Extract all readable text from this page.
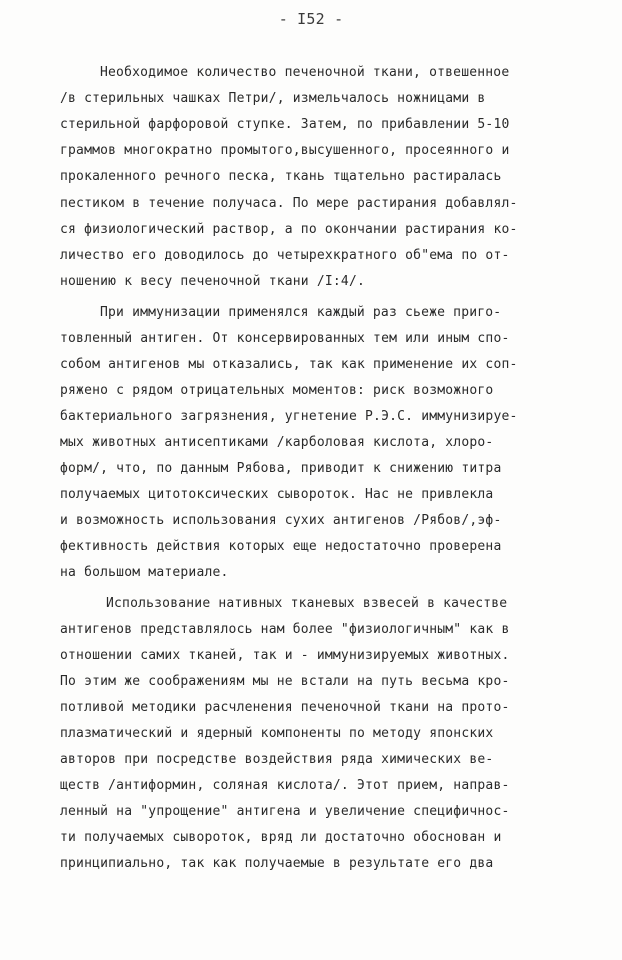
- I52 -
Необходимое количество печеночной ткани, отвешенное
/в стерильных чашках Петри/, измельчалось ножницами в
стерильной фарфоровой ступке. Затем, по прибавлении 5-10
граммов многократно промытого,высушенного, просеянного и
прокаленного речного песка, ткань тщательно растиралась
пестиком в течение получаса. По мере растирания добавлял-
ся физиологический раствор, а по окончании растирания ко-
личество его доводилось до четырехкратного об"ема по от-
ношению к весу печеночной ткани /I:4/.
При иммунизации применялся каждый раз сьеже приго-
товленный антиген. От консервированных тем или иным спо-
собом антигенов мы отказались, так как применение их соп-
ряжено с рядом отрицательных моментов: риск возможного
бактериального загрязнения, угнетение Р.Э.С. иммунизируе-
мых животных антисептиками /карболовая кислота, хлоро-
форм/, что, по данным Рябова, приводит к снижению титра
получаемых цитотоксических сывороток. Нас не привлекла
и возможность использования сухих антигенов /Рябов/,эф-
фективность действия которых еще недостаточно проверена
на большом материале.
Использование нативных тканевых взвесей в качестве
антигенов представлялось нам более "физиологичным" как в
отношении самих тканей, так и - иммунизируемых животных.
По этим же соображениям мы не встали на путь весьма кро-
потливой методики расчленения печеночной ткани на прото-
плазматический и ядерный компоненты по методу японских
авторов при посредстве воздействия ряда химических ве-
ществ /антиформин, соляная кислота/. Этот прием, направ-
ленный на "упрощение" антигена и увеличение специфичнос-
ти получаемых сывороток, вряд ли достаточно обоснован и
принципиально, так как получаемые в результате его два
